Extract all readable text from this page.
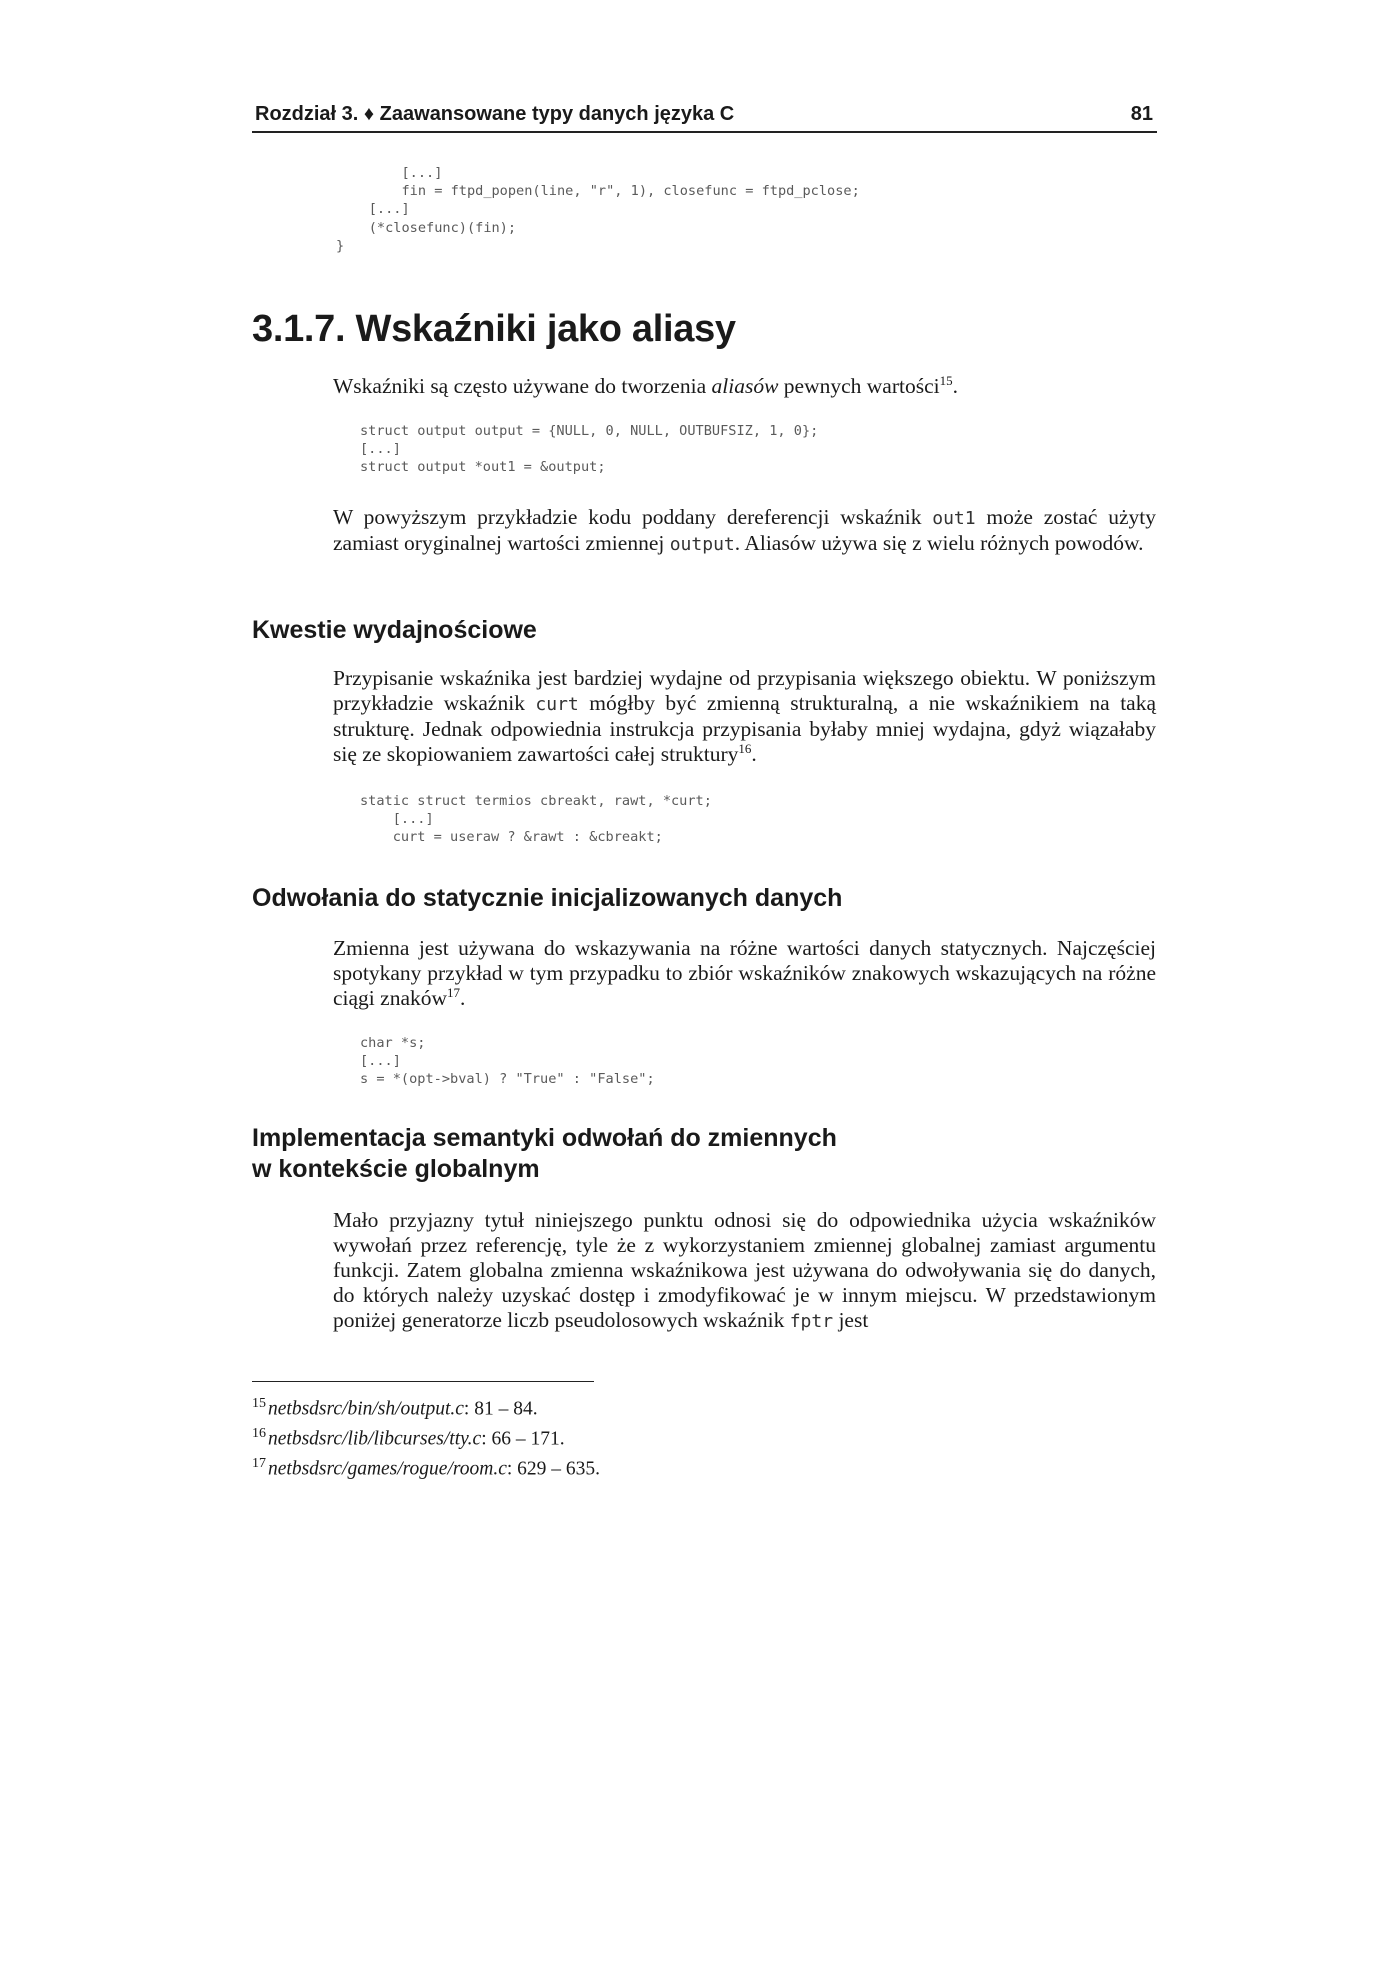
Rozdział 3. ♦ Zaawansowane typy danych języka C	81
[...]
fin = ftpd_popen(line, "r", 1), closefunc = ftpd_pclose;
[...]
(*closefunc)(fin);
}
3.1.7. Wskaźniki jako aliasy

Wskaźniki są często używane do tworzenia aliasów pewnych wartości$^{15}$.

struct output output = {NULL, 0, NULL, OUTBUFSIZ, 1, 0};
[...]
struct output *out1 = &output;

W powyższym przykładzie kodu poddany dereferencji wskaźnik out1 może zostać użyty zamiast oryginalnej wartości zmiennej output. Aliasów używa się z wielu różnych powodów.

Kwestie wydajnościowe

Przypisanie wskaźnika jest bardziej wydajne od przypisania większego obiektu. W poniższym przykładzie wskaźnik curt mógłby być zmienną strukturalną, a nie wskaźnikiem na taką strukturę. Jednak odpowiednia instrukcja przypisania byłaby mniej wydajna, gdyż wiązałaby się ze skopiowaniem zawartości całej struktury$^{16}$.

static struct termios cbreakt, rawt, *curt;
[...]
curt = useraw ? &rawt : &cbreakt;
Odwołania do statycznie inicjalizowanych danych

Zmienna jest używana do wskazywania na różne wartości danych statycznych. Najczęściej spotykany przykład w tym przypadku to zbiór wskaźników znakowych wskazujących na różne ciągi znaków$^{17}$.

char *s;
[...]
s = *(opt->bval) ? "True" : "False";
Implementacja semantyki odwołań do zmiennych
w kontekście globalnym

Mało przyjazny tytuł niniejszego punktu odnosi się do odpowiednika użycia wskaźników wywołań przez referencję, tyle że z wykorzystaniem zmiennej globalnej zamiast argumentu funkcji. Zatem globalna zmienna wskaźnikowa jest używana do odwoływania się do danych, do których należy uzyskać dostęp i zmodyfikować je w innym miejscu. W przedstawionym poniżej generatorze liczb pseudolosowych wskaźnik fptr jest

$^{15}$ netbsdsrc/bin/sh/output.c: 81 – 84.
$^{16}$ netbsdsrc/lib/libcurses/tty.c: 66 – 171.
$^{17}$ netbsdsrc/games/rogue/room.c: 629 – 635.
